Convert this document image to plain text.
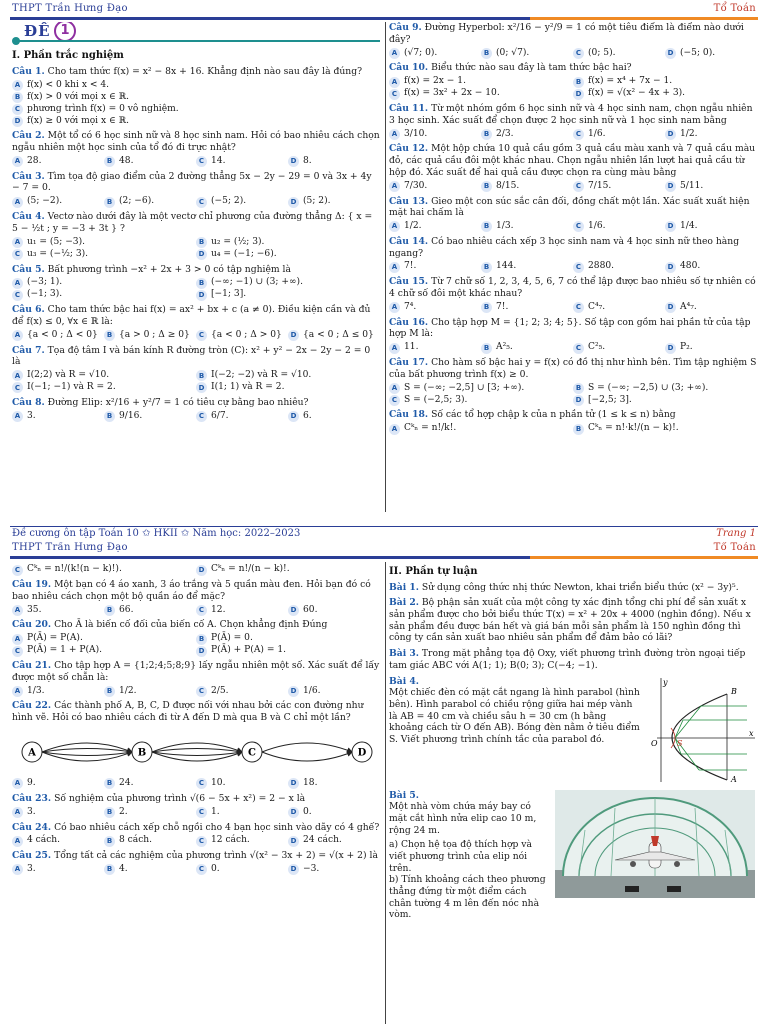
THPT Trần Hưng Đạo	Tổ Toán
ĐỀ 1
I. Phần trắc nghiệm
Câu 1. Cho tam thức f(x) = x² − 8x + 16. Khẳng định nào sau đây là đúng?
A f(x) < 0 khi x < 4.
B f(x) > 0 với mọi x ∈ ℝ.
C phương trình f(x) = 0 vô nghiệm.
D f(x) ≥ 0 với mọi x ∈ ℝ.
Câu 2. Một tổ có 6 học sinh nữ và 8 học sinh nam. Hỏi có bao nhiêu cách chọn ngẫu nhiên một học sinh của tổ đó đi trực nhật?
A 28.	B 48.	C 14.	D 8.
Câu 3. Tìm tọa độ giao điểm của 2 đường thẳng 5x − 2y − 29 = 0 và 3x + 4y − 7 = 0.
A (5; −2).	B (2; −6).	C (−5; 2).	D (5; 2).
Câu 4. Vectơ nào dưới đây là một vectơ chỉ phương của đường thẳng Δ: { x = 5 − ½t ; y = −3 + 3t } ?
A u₁ = (5; −3).	B u₂ = (½; 3).
C u₃ = (−½; 3).	D u₄ = (−1; −6).
Câu 5. Bất phương trình −x² + 2x + 3 > 0 có tập nghiệm là
A (−3; 1).	B (−∞; −1) ∪ (3; +∞).
C (−1; 3).	D [−1; 3].
Câu 6. Cho tam thức bậc hai f(x) = ax² + bx + c (a ≠ 0). Điều kiện cần và đủ để f(x) ≤ 0, ∀x ∈ ℝ là:
A {a < 0 ; Δ < 0}	B {a > 0 ; Δ ≥ 0}	C {a < 0 ; Δ > 0}	D {a < 0 ; Δ ≤ 0}
Câu 7. Tọa độ tâm I và bán kính R đường tròn (C): x² + y² − 2x − 2y − 2 = 0 là
A I(2;2) và R = √10.	B I(−2; −2) và R = √10.
C I(−1; −1) và R = 2.	D I(1; 1) và R = 2.
Câu 8. Đường Elip: x²/16 + y²/7 = 1 có tiêu cự bằng bao nhiêu?
A 3.	B 9/16.	C 6/7.	D 6.
Câu 9. Đường Hyperbol: x²/16 − y²/9 = 1 có một tiêu điểm là điểm nào dưới đây?
A (√7; 0).	B (0; √7).	C (0; 5).	D (−5; 0).
Câu 10. Biểu thức nào sau đây là tam thức bậc hai?
A f(x) = 2x − 1.	B f(x) = x⁴ + 7x − 1.
C f(x) = 3x² + 2x − 10.	D f(x) = √(x² − 4x + 3).
Câu 11. Từ một nhóm gồm 6 học sinh nữ và 4 học sinh nam, chọn ngẫu nhiên 3 học sinh. Xác suất để chọn được 2 học sinh nữ và 1 học sinh nam bằng
A 3/10.	B 2/3.	C 1/6.	D 1/2.
Câu 12. Một hộp chứa 10 quả cầu gồm 3 quả cầu màu xanh và 7 quả cầu màu đỏ, các quả cầu đôi một khác nhau. Chọn ngẫu nhiên lần lượt hai quả cầu từ hộp đó. Xác suất để hai quả cầu được chọn ra cùng màu bằng
A 7/30.	B 8/15.	C 7/15.	D 5/11.
Câu 13. Gieo một con súc sắc cân đối, đồng chất một lần. Xác suất xuất hiện mặt hai chấm là
A 1/2.	B 1/3.	C 1/6.	D 1/4.
Câu 14. Có bao nhiêu cách xếp 3 học sinh nam và 4 học sinh nữ theo hàng ngang?
A 7!.	B 144.	C 2880.	D 480.
Câu 15. Từ 7 chữ số 1, 2, 3, 4, 5, 6, 7 có thể lập được bao nhiêu số tự nhiên có 4 chữ số đôi một khác nhau?
A 7⁴.	B 7!.	C C⁴₇.	D A⁴₇.
Câu 16. Cho tập hợp M = {1; 2; 3; 4; 5}. Số tập con gồm hai phần tử của tập hợp M là:
A 11.	B A²₅.	C C²₅.	D P₂.
Câu 17. Cho hàm số bậc hai y = f(x) có đồ thị như hình bên. Tìm tập nghiệm S của bất phương trình f(x) ≥ 0.
A S = (−∞; −2,5] ∪ [3; +∞).	B S = (−∞; −2,5) ∪ (3; +∞).
C S = (−2,5; 3).	D [−2,5; 3].
Câu 18. Số các tổ hợp chập k của n phần tử (1 ≤ k ≤ n) bằng
A Cᵏₙ = n!/k!.	B Cᵏₙ = n!·k!/(n − k)!.
Đề cương ôn tập Toán 10 ✩ HKII ✩ Năm học: 2022–2023	Trang 1
THPT Trần Hưng Đạo	Tổ Toán
C Cᵏₙ = n!/(k!(n − k)!).	D Cᵏₙ = n!/(n − k)!.
Câu 19. Một bạn có 4 áo xanh, 3 áo trắng và 5 quần màu đen. Hỏi bạn đó có bao nhiêu cách chọn một bộ quần áo để mặc?
A 35.	B 66.	C 12.	D 60.
Câu 20. Cho Ā là biến cố đối của biến cố A. Chọn khẳng định Đúng
A P(Ā) = P(A).	B P(Ā) = 0.
C P(Ā) = 1 + P(A).	D P(Ā) + P(A) = 1.
Câu 21. Cho tập hợp A = {1;2;4;5;8;9} lấy ngẫu nhiên một số. Xác suất để lấy được một số chẵn là:
A 1/3.	B 1/2.	C 2/5.	D 1/6.
Câu 22. Các thành phố A, B, C, D được nối với nhau bởi các con đường như hình vẽ. Hỏi có bao nhiêu cách đi từ A đến D mà qua B và C chỉ một lần?
A	B	C	D
A 9.	B 24.	C 10.	D 18.
Câu 23. Số nghiệm của phương trình √(6 − 5x + x²) = 2 − x là
A 3.	B 2.	C 1.	D 0.
Câu 24. Có bao nhiêu cách xếp chỗ ngồi cho 4 bạn học sinh vào dãy có 4 ghế?
A 4 cách.	B 8 cách.	C 12 cách.	D 24 cách.
Câu 25. Tổng tất cả các nghiệm của phương trình √(x² − 3x + 2) = √(x + 2) là
A 3.	B 4.	C 0.	D −3.
II. Phần tự luận
Bài 1. Sử dụng công thức nhị thức Newton, khai triển biểu thức (x² − 3y)⁵.
Bài 2. Bộ phận sản xuất của một công ty xác định tổng chi phí để sản xuất x sản phẩm được cho bởi biểu thức T(x) = x² + 20x + 4000 (nghìn đồng). Nếu x sản phẩm đều được bán hết và giá bán mỗi sản phẩm là 150 nghìn đồng thì công ty cần sản xuất bao nhiêu sản phẩm để đảm bảo có lãi?
Bài 3. Trong mặt phẳng tọa độ Oxy, viết phương trình đường tròn ngoại tiếp tam giác ABC với A(1; 1); B(0; 3); C(−4; −1).
Bài 4.
Một chiếc đèn có mặt cắt ngang là hình parabol (hình bên). Hình parabol có chiều rộng giữa hai mép vành là AB = 40 cm và chiều sâu h = 30 cm (h bằng khoảng cách từ O đến AB). Bóng đèn nằm ở tiêu điểm S. Viết phương trình chính tắc của parabol đó.
y
x
O S
B
A
Bài 5.
Một nhà vòm chứa máy bay có mặt cắt hình nửa elip cao 10 m, rộng 24 m.
a) Chọn hệ tọa độ thích hợp và viết phương trình của elip nói trên.
b) Tính khoảng cách theo phương thẳng đứng từ một điểm cách chân tường 4 m lên đến nóc nhà vòm.
